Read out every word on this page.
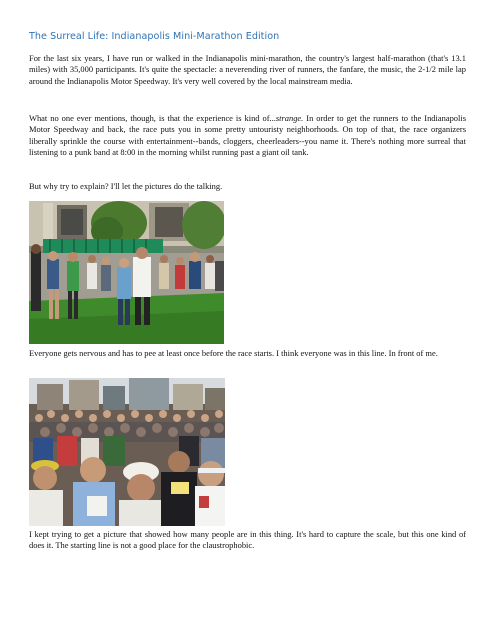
The Surreal Life: Indianapolis Mini-Marathon Edition

For the last six years, I have run or walked in the Indianapolis mini-marathon, the country's largest half-marathon (that's 13.1 miles) with 35,000 participants. It's quite the spectacle: a neverending river of runners, the fanfare, the music, the 2-1/2 mile lap around the Indianapolis Motor Speedway. It's very well covered by the local mainstream media.

What no one ever mentions, though, is that the experience is kind of...strange. In order to get the runners to the Indianapolis Motor Speedway and back, the race puts you in some pretty untouristy neighborhoods. On top of that, the race organizers liberally sprinkle the course with entertainment--bands, cloggers, cheerleaders--you name it. There's nothing more surreal that listening to a punk band at 8:00 in the morning whilst running past a giant oil tank.

But why try to explain? I'll let the pictures do the talking.

Everyone gets nervous and has to pee at least once before the race starts. I think everyone was in this line. In front of me.

I kept trying to get a picture that showed how many people are in this thing. It's hard to capture the scale, but this one kind of does it. The starting line is not a good place for the claustrophobic.
